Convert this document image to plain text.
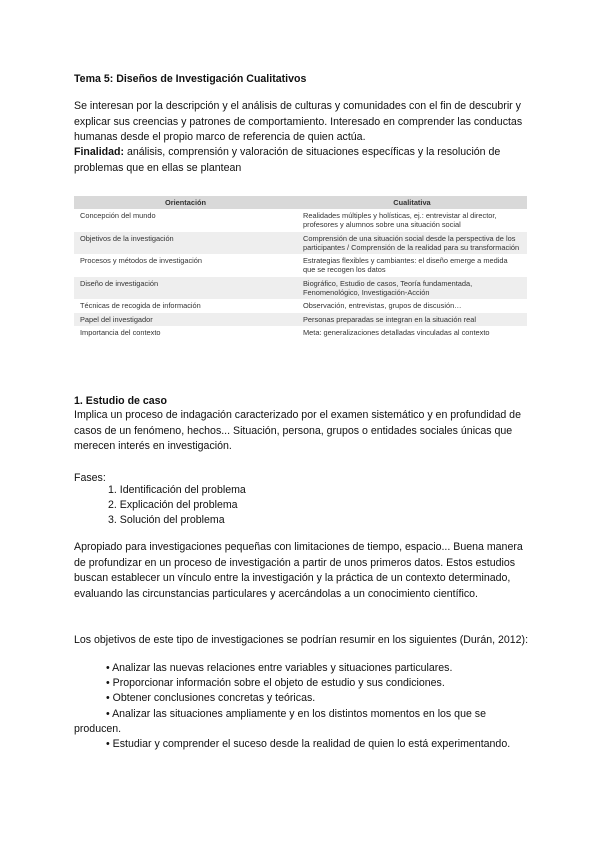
Tema 5: Diseños de Investigación Cualitativos

Se interesan por la descripción y el análisis de culturas y comunidades con el fin de descubrir y explicar sus creencias y patrones de comportamiento. Interesado en comprender las conductas humanas desde el propio marco de referencia de quien actúa.

Finalidad: análisis, comprensión y valoración de situaciones específicas y la resolución de problemas que en ellas se plantean

Orientación	Cualitativa
Concepción del mundo	Realidades múltiples y holísticas, ej.: entrevistar al director, profesores y alumnos sobre una situación social
Objetivos de la investigación	Comprensión de una situación social desde la perspectiva de los participantes / Comprensión de la realidad para su transformación
Procesos y métodos de investigación	Estrategias flexibles y cambiantes: el diseño emerge a medida que se recogen los datos
Diseño de investigación	Biográfico, Estudio de casos, Teoría fundamentada, Fenomenológico, Investigación-Acción
Técnicas de recogida de información	Observación, entrevistas, grupos de discusión…
Papel del investigador	Personas preparadas se integran en la situación real
Importancia del contexto	Meta: generalizaciones detalladas vinculadas al contexto

1. Estudio de caso

Implica un proceso de indagación caracterizado por el examen sistemático y en profundidad de casos de un fenómeno, hechos... Situación, persona, grupos o entidades sociales únicas que merecen interés en investigación.

Fases:

1. Identificación del problema
2. Explicación del problema
3. Solución del problema

Apropiado para investigaciones pequeñas con limitaciones de tiempo, espacio... Buena manera de profundizar en un proceso de investigación a partir de unos primeros datos. Estos estudios buscan establecer un vínculo entre la investigación y la práctica de un contexto determinado, evaluando las circunstancias particulares y acercándolas a un conocimiento científico.

Los objetivos de este tipo de investigaciones se podrían resumir en los siguientes (Durán, 2012):

• Analizar las nuevas relaciones entre variables y situaciones particulares.

• Proporcionar información sobre el objeto de estudio y sus condiciones.

• Obtener conclusiones concretas y teóricas.

• Analizar las situaciones ampliamente y en los distintos momentos en los que se producen.

• Estudiar y comprender el suceso desde la realidad de quien lo está experimentando.
